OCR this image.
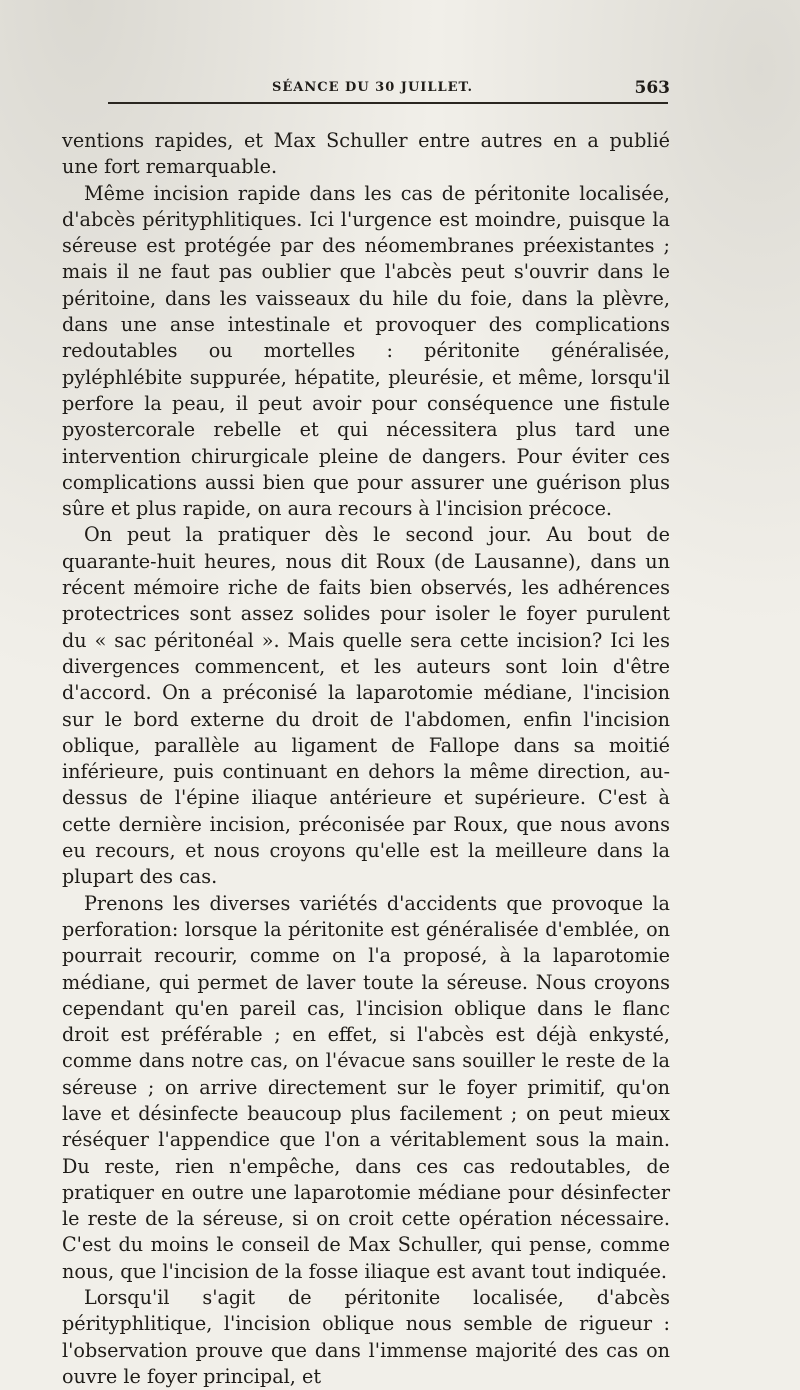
SÉANCE DU 30 JUILLET.	563

ventions rapides, et Max Schuller entre autres en a publié une fort remarquable.

Même incision rapide dans les cas de péritonite localisée, d'abcès pérityphlitiques. Ici l'urgence est moindre, puisque la séreuse est protégée par des néomembranes préexistantes ; mais il ne faut pas oublier que l'abcès peut s'ouvrir dans le péritoine, dans les vaisseaux du hile du foie, dans la plèvre, dans une anse intestinale et provoquer des complications redoutables ou mortelles : péritonite généralisée, pyléphlébite suppurée, hépatite, pleurésie, et même, lorsqu'il perfore la peau, il peut avoir pour conséquence une fistule pyostercorale rebelle et qui nécessitera plus tard une intervention chirurgicale pleine de dangers. Pour éviter ces complications aussi bien que pour assurer une guérison plus sûre et plus rapide, on aura recours à l'incision précoce.

On peut la pratiquer dès le second jour. Au bout de quarante-huit heures, nous dit Roux (de Lausanne), dans un récent mémoire riche de faits bien observés, les adhérences protectrices sont assez solides pour isoler le foyer purulent du « sac péritonéal ». Mais quelle sera cette incision? Ici les divergences commencent, et les auteurs sont loin d'être d'accord. On a préconisé la laparotomie médiane, l'incision sur le bord externe du droit de l'abdomen, enfin l'incision oblique, parallèle au ligament de Fallope dans sa moitié inférieure, puis continuant en dehors la même direction, au-dessus de l'épine iliaque antérieure et supérieure. C'est à cette dernière incision, préconisée par Roux, que nous avons eu recours, et nous croyons qu'elle est la meilleure dans la plupart des cas.

Prenons les diverses variétés d'accidents que provoque la perforation: lorsque la péritonite est généralisée d'emblée, on pourrait recourir, comme on l'a proposé, à la laparotomie médiane, qui permet de laver toute la séreuse. Nous croyons cependant qu'en pareil cas, l'incision oblique dans le flanc droit est préférable ; en effet, si l'abcès est déjà enkysté, comme dans notre cas, on l'évacue sans souiller le reste de la séreuse ; on arrive directement sur le foyer primitif, qu'on lave et désinfecte beaucoup plus facilement ; on peut mieux réséquer l'appendice que l'on a véritablement sous la main. Du reste, rien n'empêche, dans ces cas redoutables, de pratiquer en outre une laparotomie médiane pour désinfecter le reste de la séreuse, si on croit cette opération nécessaire. C'est du moins le conseil de Max Schuller, qui pense, comme nous, que l'incision de la fosse iliaque est avant tout indiquée.

Lorsqu'il s'agit de péritonite localisée, d'abcès pérityphlitique, l'incision oblique nous semble de rigueur : l'observation prouve que dans l'immense majorité des cas on ouvre le foyer principal, et
